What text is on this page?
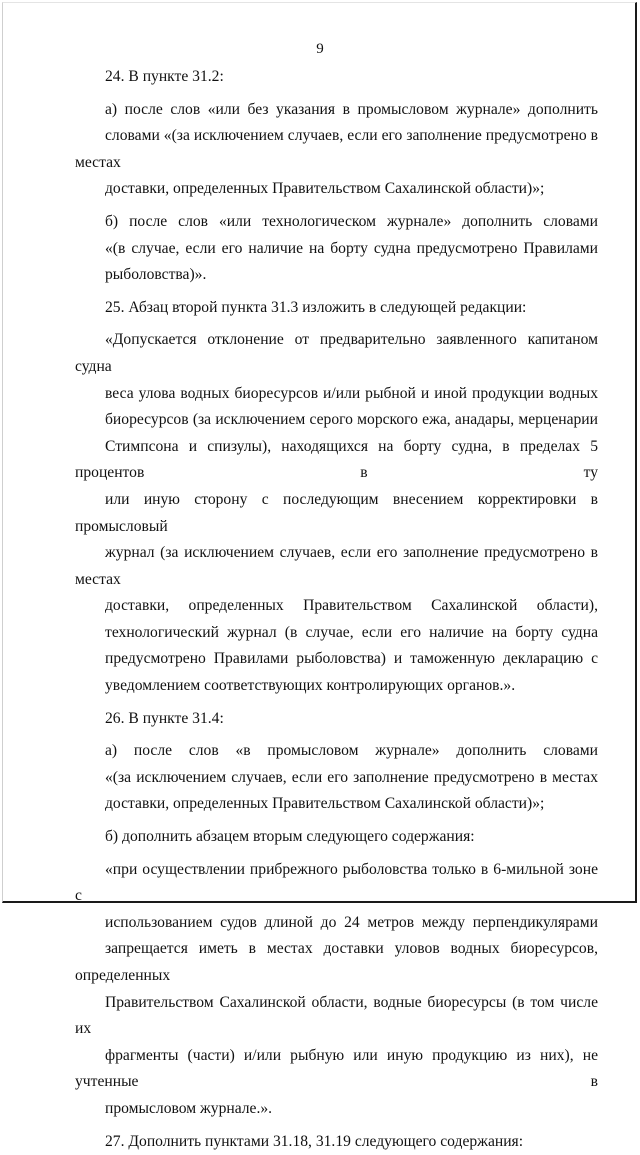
9
24. В пункте 31.2:
а) после слов «или без указания в промысловом журнале» дополнить
словами «(за исключением случаев, если его заполнение предусмотрено в местах
доставки, определенных Правительством Сахалинской области)»;
б) после слов «или технологическом журнале» дополнить словами
«(в случае, если его наличие на борту судна предусмотрено Правилами
рыболовства)».
25. Абзац второй пункта 31.3 изложить в следующей редакции:
«Допускается отклонение от предварительно заявленного капитаном судна
веса улова водных биоресурсов и/или рыбной и иной продукции водных
биоресурсов (за исключением серого морского ежа, анадары, мерценарии
Стимпсона и спизулы), находящихся на борту судна, в пределах 5 процентов в ту
или иную сторону с последующим внесением корректировки в промысловый
журнал (за исключением случаев, если его заполнение предусмотрено в местах
доставки, определенных Правительством Сахалинской области),
технологический журнал (в случае, если его наличие на борту судна
предусмотрено Правилами рыболовства) и таможенную декларацию с
уведомлением соответствующих контролирующих органов.».
26. В пункте 31.4:
а) после слов «в промысловом журнале» дополнить словами
«(за исключением случаев, если его заполнение предусмотрено в местах
доставки, определенных Правительством Сахалинской области)»;
б) дополнить абзацем вторым следующего содержания:
«при осуществлении прибрежного рыболовства только в 6-мильной зоне с
использованием судов длиной до 24 метров между перпендикулярами
запрещается иметь в местах доставки уловов водных биоресурсов, определенных
Правительством Сахалинской области, водные биоресурсы (в том числе их
фрагменты (части) и/или рыбную или иную продукцию из них), не учтенные в
промысловом журнале.».
27. Дополнить пунктами 31.18, 31.19 следующего содержания:
